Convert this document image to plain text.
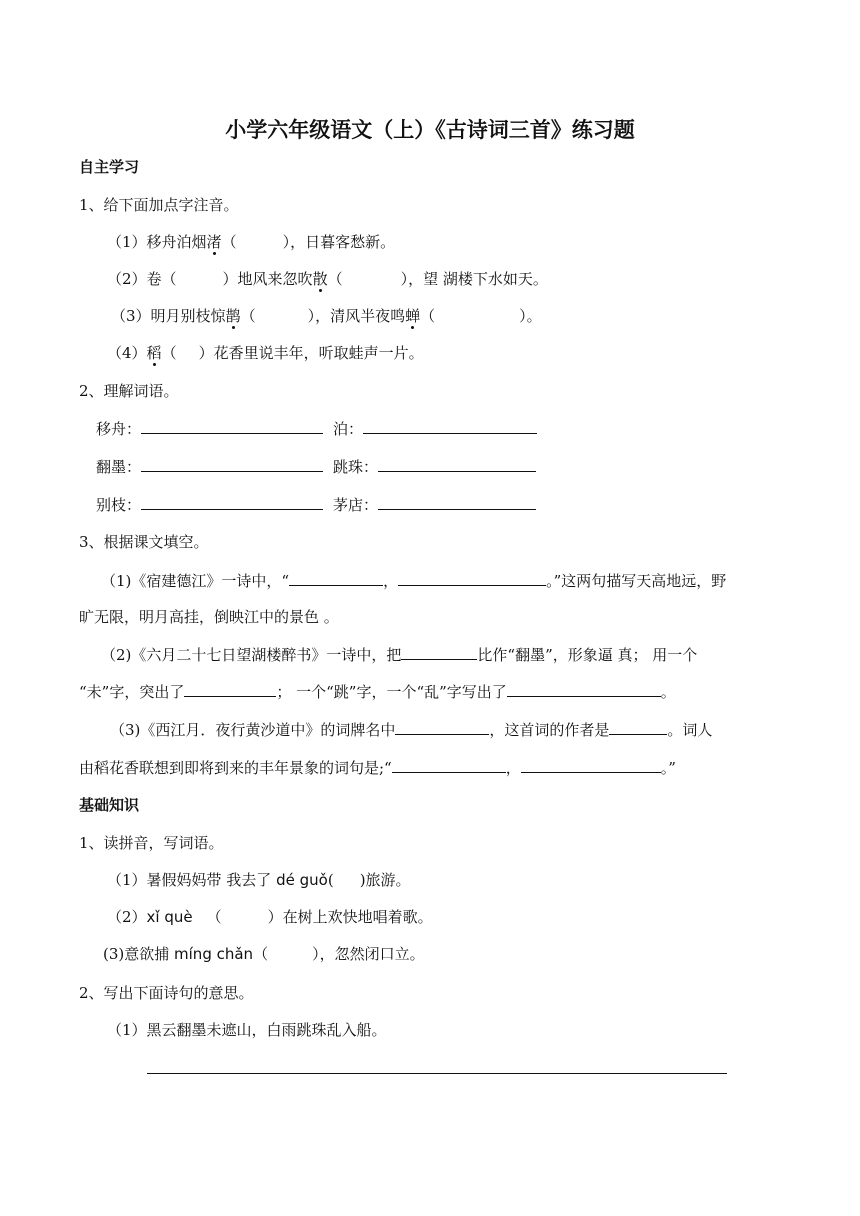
小学六年级语文（上）《古诗词三首》练习题
自主学习
1、给下面加点字注音。
（1）移舟泊烟渚（	），日暮客愁新。
（2）卷（	）地风来忽吹散（	），望 湖楼下水如天。
（3）明月别枝惊鹊（	），清风半夜鸣蝉（	）。
（4）稻（ ）花香里说丰年，听取蛙声一片。
2、理解词语。
移舟：	泊：
翻墨：	跳珠：
别枝：	茅店：
3、根据课文填空。
（1)《宿建德江》一诗中，“	，	。”这两句描写天高地远，野
旷无限，明月高挂，倒映江中的景色 。
（2)《六月二十七日望湖楼醉书》一诗中，把	比作“翻墨”，形象逼 真； 用一个
“未”字，突出了	； 一个“跳”字，一个“乱”字写出了	。
（3)《西江月．夜行黄沙道中》的词牌名中	，这首词的作者是	。词人
由稻花香联想到即将到来的丰年景象的词句是;“	，	。”
基础知识
1、读拼音，写词语。
（1）暑假妈妈带 我去了 dé guǒ( )旅游。
（2）xǐ què （	）在树上欢快地唱着歌。
(3)意欲捕 míng chǎn（	），忽然闭口立。
2、写出下面诗句的意思。
（1）黑云翻墨未遮山，白雨跳珠乱入船。
